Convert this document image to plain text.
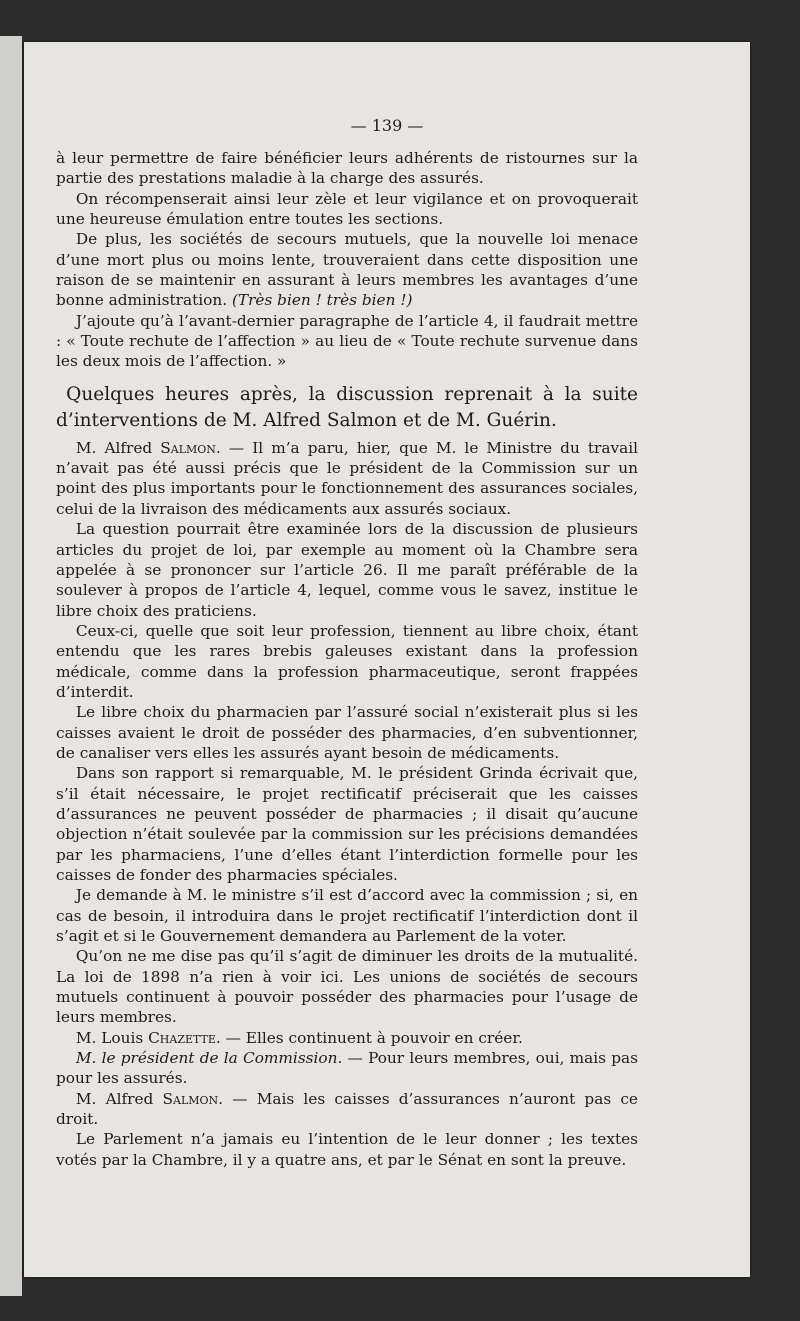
— 139 —

à leur permettre de faire bénéficier leurs adhérents de ristournes sur la partie des prestations maladie à la charge des assurés.

On récompenserait ainsi leur zèle et leur vigilance et on provoquerait une heureuse émulation entre toutes les sections.

De plus, les sociétés de secours mutuels, que la nouvelle loi menace d’une mort plus ou moins lente, trouveraient dans cette disposition une raison de se maintenir en assurant à leurs membres les avantages d’une bonne administration. (Très bien ! très bien !)

J’ajoute qu’à l’avant-dernier paragraphe de l’article 4, il faudrait mettre : « Toute rechute de l’affection » au lieu de « Toute rechute survenue dans les deux mois de l’affection. »

Quelques heures après, la discussion reprenait à la suite d’interventions de M. Alfred Salmon et de M. Guérin.

M. Alfred Salmon. — Il m’a paru, hier, que M. le Ministre du travail n’avait pas été aussi précis que le président de la Commission sur un point des plus importants pour le fonctionnement des assurances sociales, celui de la livraison des médicaments aux assurés sociaux.

La question pourrait être examinée lors de la discussion de plusieurs articles du projet de loi, par exemple au moment où la Chambre sera appelée à se prononcer sur l’article 26. Il me paraît préférable de la soulever à propos de l’article 4, lequel, comme vous le savez, institue le libre choix des praticiens.

Ceux-ci, quelle que soit leur profession, tiennent au libre choix, étant entendu que les rares brebis galeuses existant dans la profession médicale, comme dans la profession pharmaceutique, seront frappées d’interdit.

Le libre choix du pharmacien par l’assuré social n’existerait plus si les caisses avaient le droit de posséder des pharmacies, d’en subventionner, de canaliser vers elles les assurés ayant besoin de médicaments.

Dans son rapport si remarquable, M. le président Grinda écrivait que, s’il était nécessaire, le projet rectificatif préciserait que les caisses d’assurances ne peuvent posséder de pharmacies ; il disait qu’aucune objection n’était soulevée par la commission sur les précisions demandées par les pharmaciens, l’une d’elles étant l’interdiction formelle pour les caisses de fonder des pharmacies spéciales.

Je demande à M. le ministre s’il est d’accord avec la commission ; si, en cas de besoin, il introduira dans le projet rectificatif l’interdiction dont il s’agit et si le Gouvernement demandera au Parlement de la voter.

Qu’on ne me dise pas qu’il s’agit de diminuer les droits de la mutualité. La loi de 1898 n’a rien à voir ici. Les unions de sociétés de secours mutuels continuent à pouvoir posséder des pharmacies pour l’usage de leurs membres.

M. Louis Chazette. — Elles continuent à pouvoir en créer.

M. le président de la Commission. — Pour leurs membres, oui, mais pas pour les assurés.

M. Alfred Salmon. — Mais les caisses d’assurances n’auront pas ce droit.

Le Parlement n’a jamais eu l’intention de le leur donner ; les textes votés par la Chambre, il y a quatre ans, et par le Sénat en sont la preuve.
